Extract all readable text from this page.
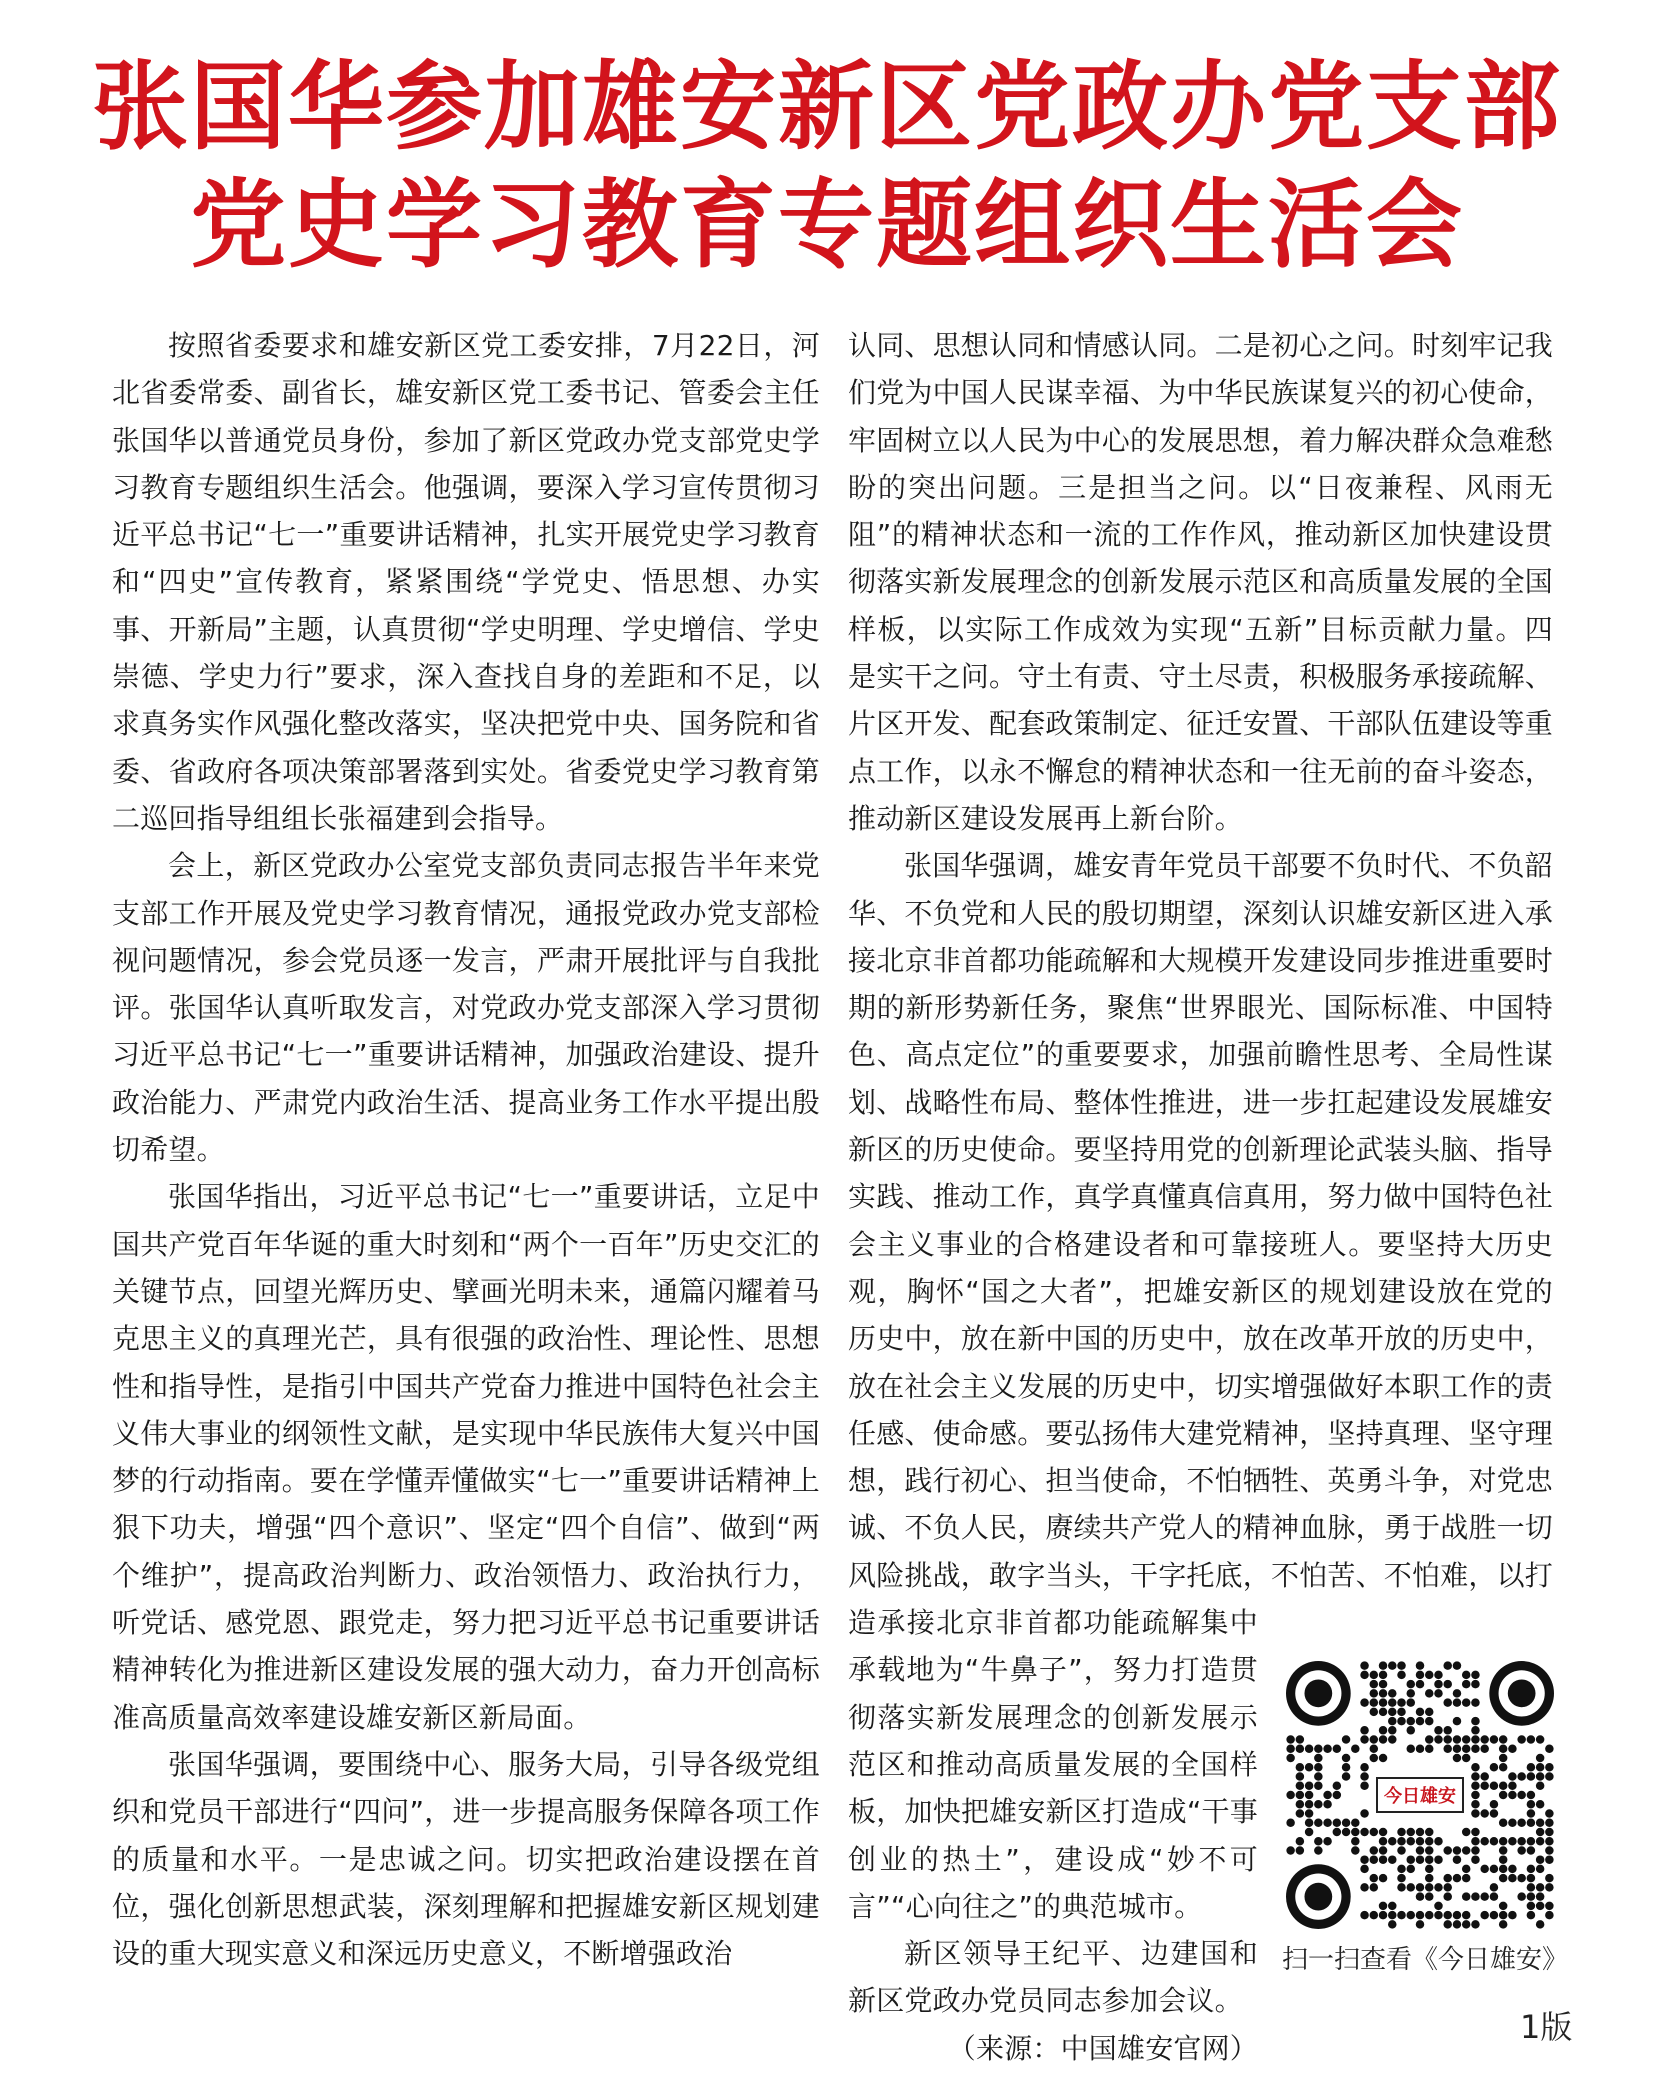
张国华参加雄安新区党政办党支部
党史学习教育专题组织生活会

按照省委要求和雄安新区党工委安排，7月22日，河北省委常委、副省长，雄安新区党工委书记、管委会主任张国华以普通党员身份，参加了新区党政办党支部党史学习教育专题组织生活会。他强调，要深入学习宣传贯彻习近平总书记“七一”重要讲话精神，扎实开展党史学习教育和“四史”宣传教育，紧紧围绕“学党史、悟思想、办实事、开新局”主题，认真贯彻“学史明理、学史增信、学史崇德、学史力行”要求，深入查找自身的差距和不足，以求真务实作风强化整改落实，坚决把党中央、国务院和省委、省政府各项决策部署落到实处。省委党史学习教育第二巡回指导组组长张福建到会指导。

会上，新区党政办公室党支部负责同志报告半年来党支部工作开展及党史学习教育情况，通报党政办党支部检视问题情况，参会党员逐一发言，严肃开展批评与自我批评。张国华认真听取发言，对党政办党支部深入学习贯彻习近平总书记“七一”重要讲话精神，加强政治建设、提升政治能力、严肃党内政治生活、提高业务工作水平提出殷切希望。

张国华指出，习近平总书记“七一”重要讲话，立足中国共产党百年华诞的重大时刻和“两个一百年”历史交汇的关键节点，回望光辉历史、擘画光明未来，通篇闪耀着马克思主义的真理光芒，具有很强的政治性、理论性、思想性和指导性，是指引中国共产党奋力推进中国特色社会主义伟大事业的纲领性文献，是实现中华民族伟大复兴中国梦的行动指南。要在学懂弄懂做实“七一”重要讲话精神上狠下功夫，增强“四个意识”、坚定“四个自信”、做到“两个维护”，提高政治判断力、政治领悟力、政治执行力，听党话、感党恩、跟党走，努力把习近平总书记重要讲话精神转化为推进新区建设发展的强大动力，奋力开创高标准高质量高效率建设雄安新区新局面。

张国华强调，要围绕中心、服务大局，引导各级党组织和党员干部进行“四问”，进一步提高服务保障各项工作的质量和水平。一是忠诚之问。切实把政治建设摆在首位，强化创新思想武装，深刻理解和把握雄安新区规划建设的重大现实意义和深远历史意义，不断增强政治

认同、思想认同和情感认同。二是初心之问。时刻牢记我们党为中国人民谋幸福、为中华民族谋复兴的初心使命，牢固树立以人民为中心的发展思想，着力解决群众急难愁盼的突出问题。三是担当之问。以“日夜兼程、风雨无阻”的精神状态和一流的工作作风，推动新区加快建设贯彻落实新发展理念的创新发展示范区和高质量发展的全国样板，以实际工作成效为实现“五新”目标贡献力量。四是实干之问。守土有责、守土尽责，积极服务承接疏解、片区开发、配套政策制定、征迁安置、干部队伍建设等重点工作，以永不懈怠的精神状态和一往无前的奋斗姿态，推动新区建设发展再上新台阶。

张国华强调，雄安青年党员干部要不负时代、不负韶华、不负党和人民的殷切期望，深刻认识雄安新区进入承接北京非首都功能疏解和大规模开发建设同步推进重要时期的新形势新任务，聚焦“世界眼光、国际标准、中国特色、高点定位”的重要要求，加强前瞻性思考、全局性谋划、战略性布局、整体性推进，进一步扛起建设发展雄安新区的历史使命。要坚持用党的创新理论武装头脑、指导实践、推动工作，真学真懂真信真用，努力做中国特色社会主义事业的合格建设者和可靠接班人。要坚持大历史观，胸怀“国之大者”，把雄安新区的规划建设放在党的历史中，放在新中国的历史中，放在改革开放的历史中，放在社会主义发展的历史中，切实增强做好本职工作的责任感、使命感。要弘扬伟大建党精神，坚持真理、坚守理想，践行初心、担当使命，不怕牺牲、英勇斗争，对党忠诚、不负人民，赓续共产党人的精神血脉，勇于战胜一切风险挑战，敢字当头，干字托底，不怕苦、不怕难，以打造承接北京非首都功能疏解集中承载地为“牛鼻子”，努力打造贯彻落实新发展理念的创新发展示范区和推动高质量发展的全国样板，加快把雄安新区打造成“干事创业的热土”，建设成“妙不可言”“心向往之”的典范城市。

新区领导王纪平、边建国和新区党政办党员同志参加会议。

（来源：中国雄安官网）

今日雄安
扫一扫查看《今日雄安》
1版
